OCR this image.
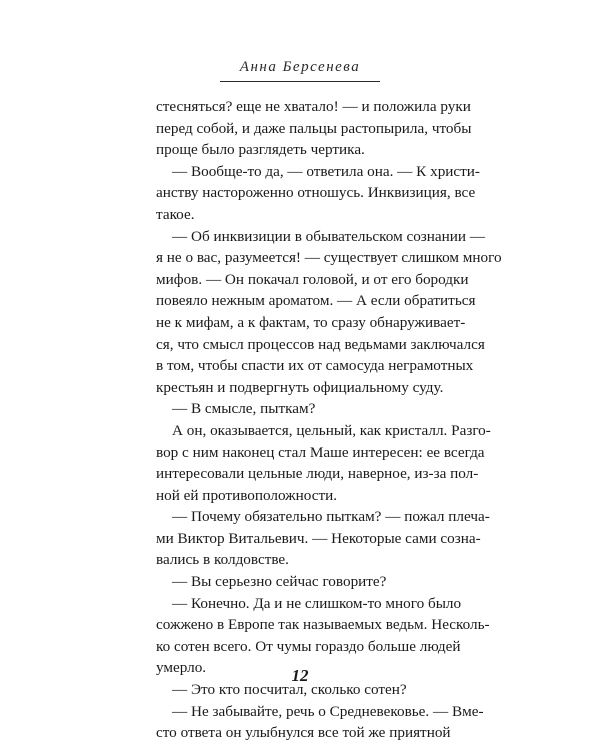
Анна Берсенева
стесняться? еще не хватало! — и положила руки
перед собой, и даже пальцы растопырила, чтобы
проще было разглядеть чертика.
— Вообще-то да, — ответила она. — К христи-
анству настороженно отношусь. Инквизиция, все
такое.
— Об инквизиции в обывательском сознании —
я не о вас, разумеется! — существует слишком много
мифов. — Он покачал головой, и от его бородки
повеяло нежным ароматом. — А если обратиться
не к мифам, а к фактам, то сразу обнаруживает-
ся, что смысл процессов над ведьмами заключался
в том, чтобы спасти их от самосуда неграмотных
крестьян и подвергнуть официальному суду.
— В смысле, пыткам?
А он, оказывается, цельный, как кристалл. Разго-
вор с ним наконец стал Маше интересен: ее всегда
интересовали цельные люди, наверное, из-за пол-
ной ей противоположности.
— Почему обязательно пыткам? — пожал плеча-
ми Виктор Витальевич. — Некоторые сами созна-
вались в колдовстве.
— Вы серьезно сейчас говорите?
— Конечно. Да и не слишком-то много было
сожжено в Европе так называемых ведьм. Несколь-
ко сотен всего. От чумы гораздо больше людей
умерло.
— Это кто посчитал, сколько сотен?
— Не забывайте, речь о Средневековье. — Вме-
сто ответа он улыбнулся все той же приятной
12
